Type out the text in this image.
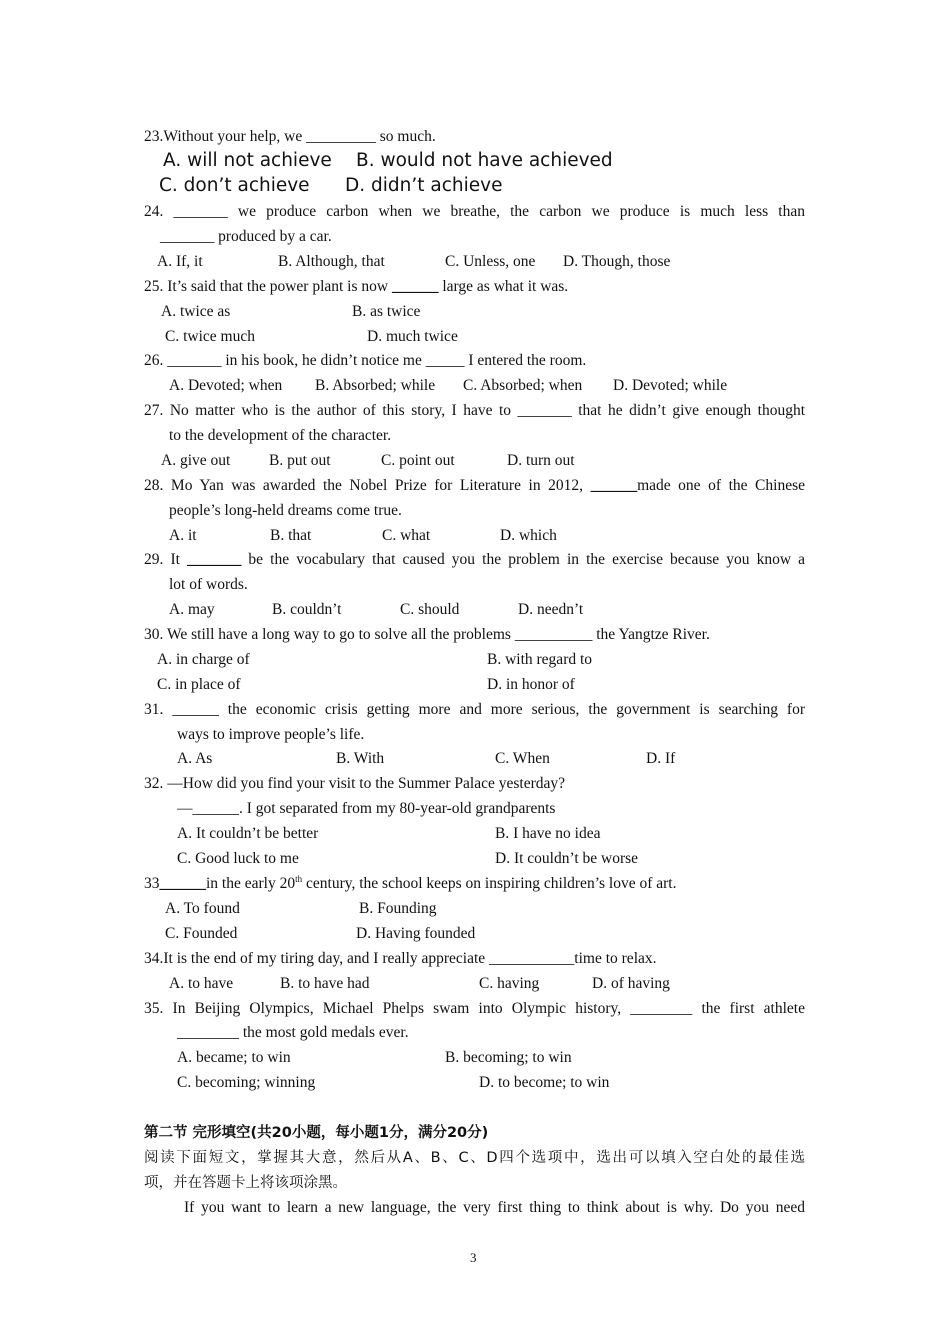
23.Without your help, we _________ so much.
A. will not achieve B. would not have achieved
C. don’t achieve D. didn’t achieve
24. _______ we produce carbon when we breathe, the carbon we produce is much less than
_______ produced by a car.
A. If, it	B. Although, that	C. Unless, one D. Though, those
25. It’s said that the power plant is now ______ large as what it was.
A. twice as	B. as twice
C. twice much	D. much twice
26. _______ in his book, he didn’t notice me _____ I entered the room.
A. Devoted; when B. Absorbed; while C. Absorbed; when D. Devoted; while
27. No matter who is the author of this story, I have to _______ that he didn’t give enough thought
to the development of the character.
A. give out B. put out	C. point out	D. turn out
28. Mo Yan was awarded the Nobel Prize for Literature in 2012, ______made one of the Chinese
people’s long-held dreams come true.
A. it	B. that	C. what	D. which
29. It _______ be the vocabulary that caused you the problem in the exercise because you know a
lot of words.
A. may	B. couldn’t	C. should	D. needn’t
30. We still have a long way to go to solve all the problems __________ the Yangtze River.
A. in charge of	B. with regard to
C. in place of	D. in honor of
31. ______ the economic crisis getting more and more serious, the government is searching for
ways to improve people’s life.
A. As	B. With	C. When	D. If
32. —How did you find your visit to the Summer Palace yesterday?
—______. I got separated from my 80-year-old grandparents
A. It couldn’t be better	B. I have no idea
C. Good luck to me	D. It couldn’t be worse
33______in the early 20th century, the school keeps on inspiring children’s love of art.
A. To found	B. Founding
C. Founded	D. Having founded
34.It is the end of my tiring day, and I really appreciate ___________time to relax.
A. to have	B. to have had	C. having	D. of having
35. In Beijing Olympics, Michael Phelps swam into Olympic history, ________ the first athlete
________ the most gold medals ever.
A. became; to win	B. becoming; to win
C. becoming; winning	D. to become; to win
第二节 完形填空(共20小题，每小题1分，满分20分)
阅读下面短文，掌握其大意，然后从A、B、C、D四个选项中，选出可以填入空白处的最佳选
项，并在答题卡上将该项涂黑。
If you want to learn a new language, the very first thing to think about is why. Do you need
3
